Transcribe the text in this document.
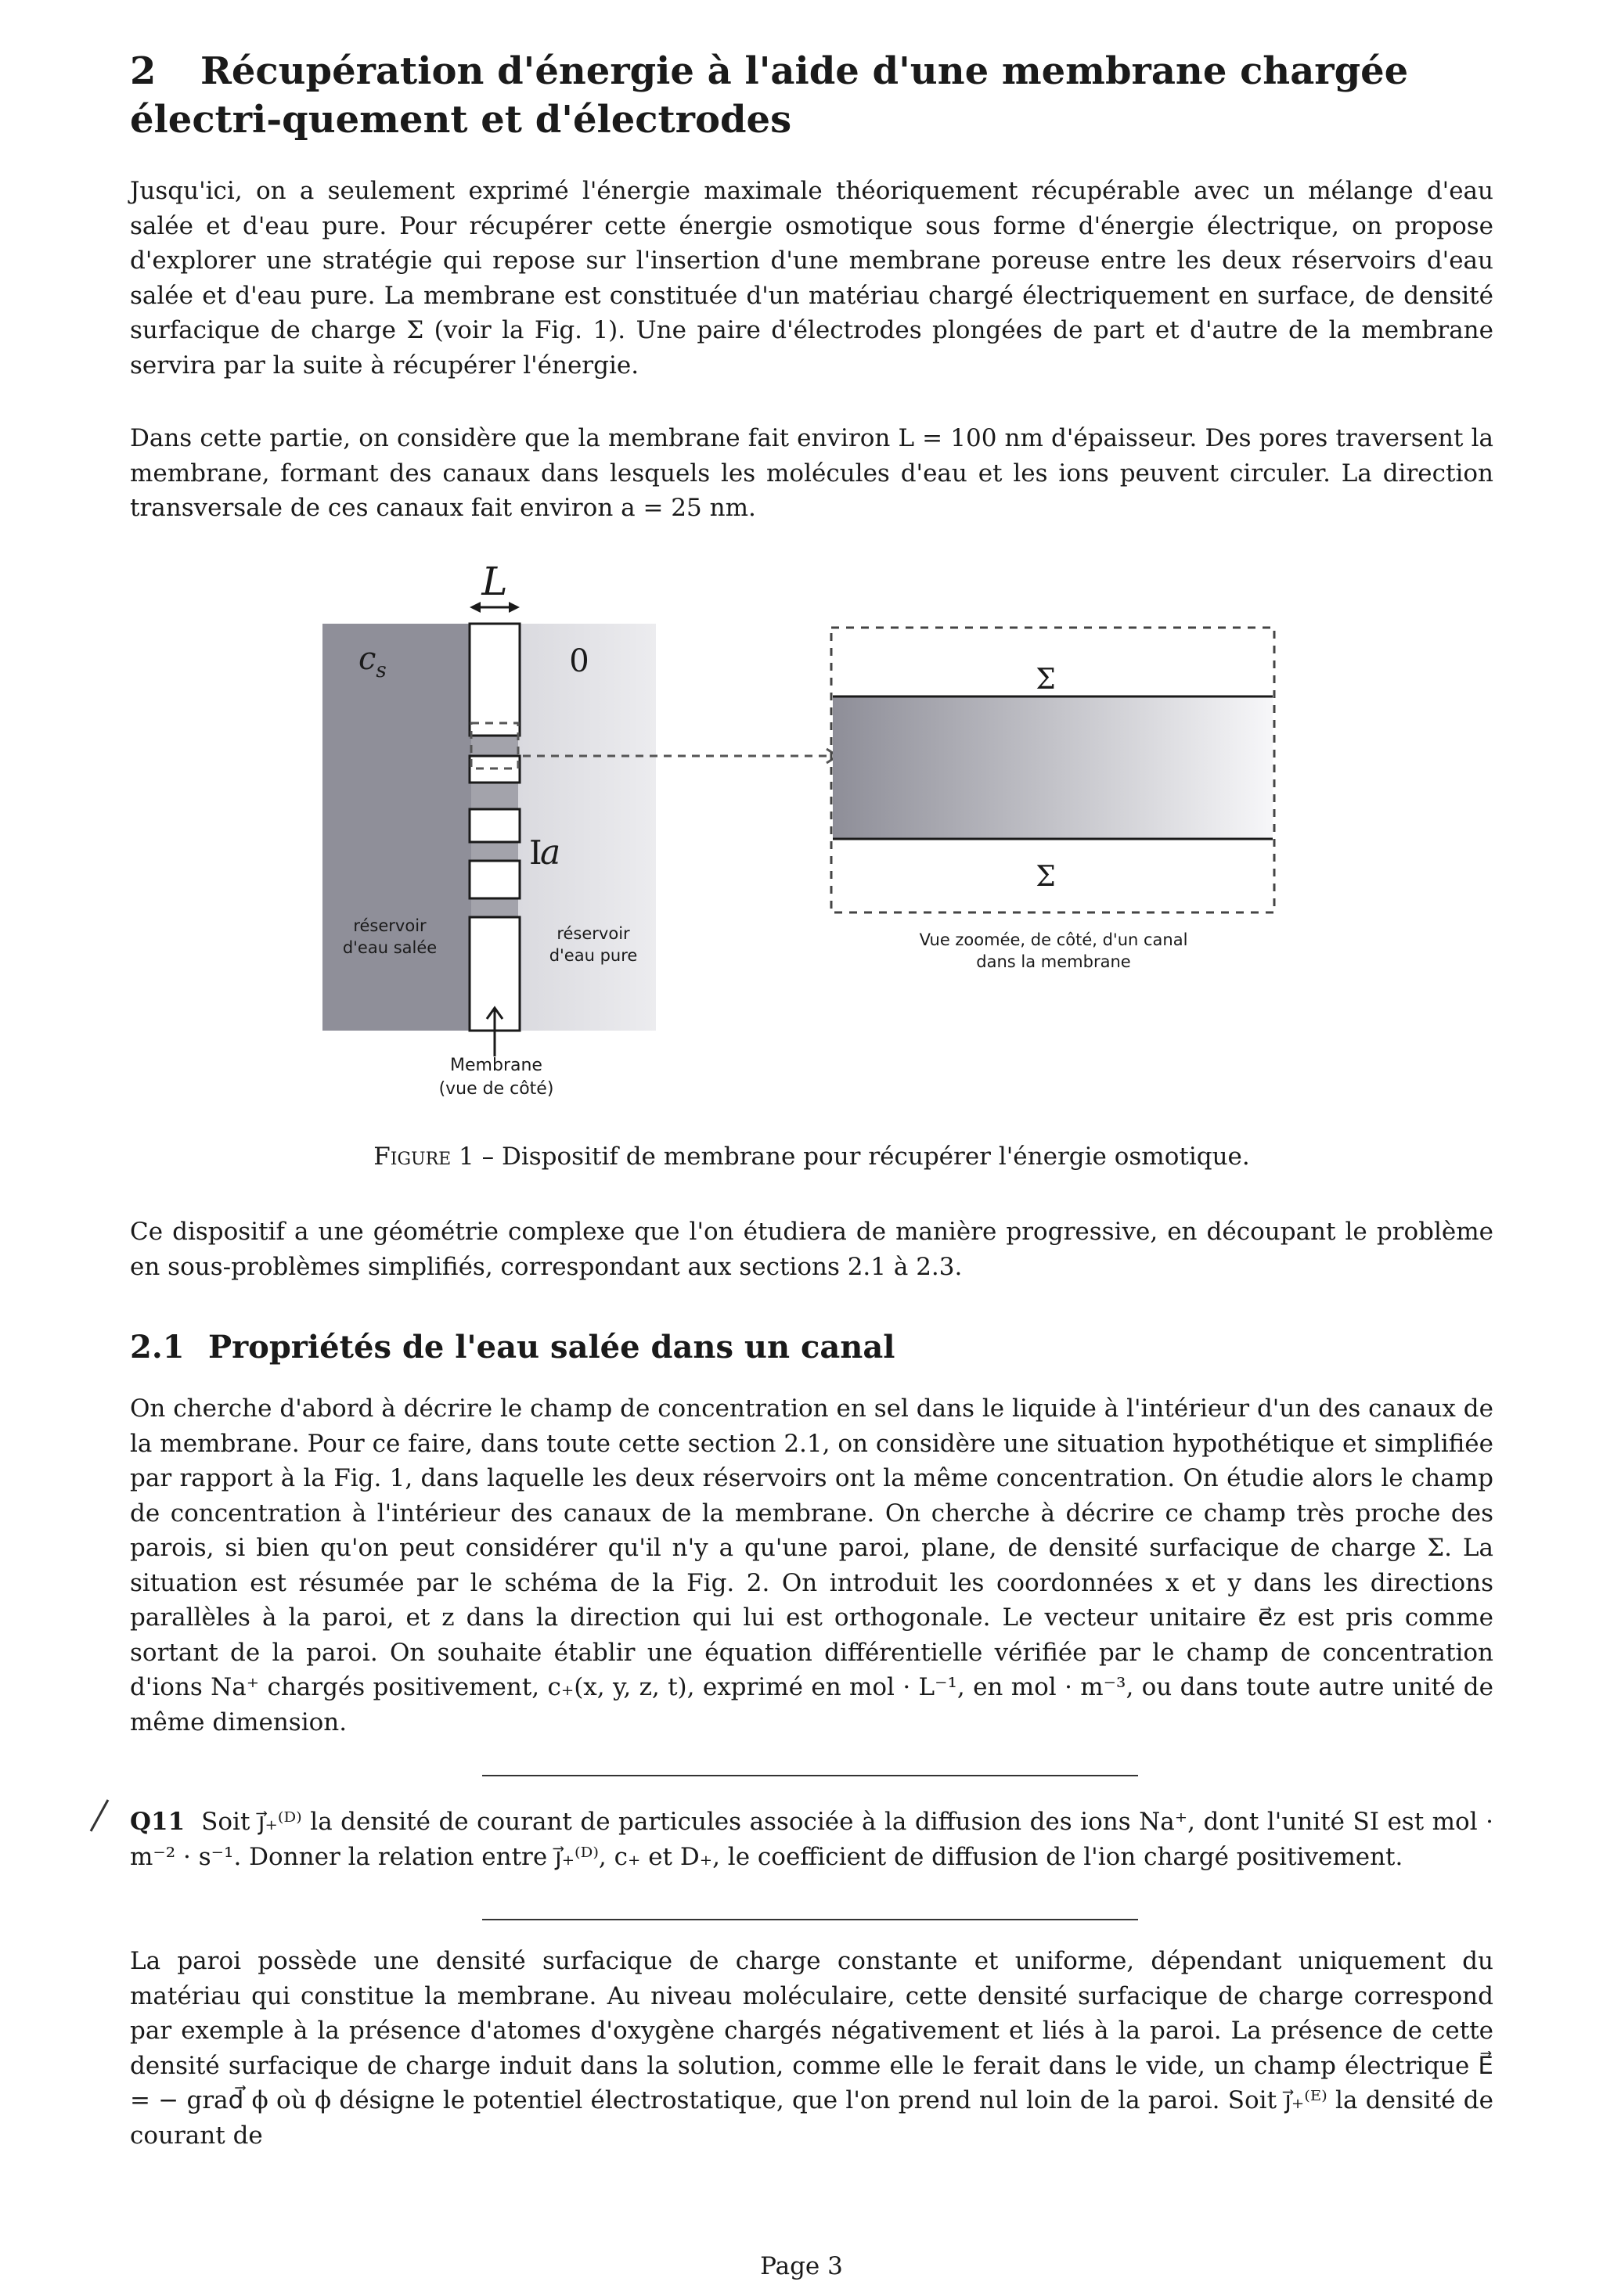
2 Récupération d'énergie à l'aide d'une membrane chargée électri-quement et d'électrodes

Jusqu'ici, on a seulement exprimé l'énergie maximale théoriquement récupérable avec un mélange d'eau salée et d'eau pure. Pour récupérer cette énergie osmotique sous forme d'énergie électrique, on propose d'explorer une stratégie qui repose sur l'insertion d'une membrane poreuse entre les deux réservoirs d'eau salée et d'eau pure. La membrane est constituée d'un matériau chargé électriquement en surface, de densité surfacique de charge Σ (voir la Fig. 1). Une paire d'électrodes plongées de part et d'autre de la membrane servira par la suite à récupérer l'énergie.

Dans cette partie, on considère que la membrane fait environ L = 100 nm d'épaisseur. Des pores traversent la membrane, formant des canaux dans lesquels les molécules d'eau et les ions peuvent circuler. La direction transversale de ces canaux fait environ a = 25 nm.

L
$c_s$	0
I
a
réservoir
d'eau salée
réservoir
d'eau pure
Membrane
(vue de côté)
Σ
Σ
Vue zoomée, de côté, d'un canal
dans la membrane

Figure 1 – Dispositif de membrane pour récupérer l'énergie osmotique.

Ce dispositif a une géométrie complexe que l'on étudiera de manière progressive, en découpant le problème en sous-problèmes simplifiés, correspondant aux sections 2.1 à 2.3.

2.1 Propriétés de l'eau salée dans un canal

On cherche d'abord à décrire le champ de concentration en sel dans le liquide à l'intérieur d'un des canaux de la membrane. Pour ce faire, dans toute cette section 2.1, on considère une situation hypothétique et simplifiée par rapport à la Fig. 1, dans laquelle les deux réservoirs ont la même concentration. On étudie alors le champ de concentration à l'intérieur des canaux de la membrane. On cherche à décrire ce champ très proche des parois, si bien qu'on peut considérer qu'il n'y a qu'une paroi, plane, de densité surfacique de charge Σ. La situation est résumée par le schéma de la Fig. 2. On introduit les coordonnées x et y dans les directions parallèles à la paroi, et z dans la direction qui lui est orthogonale. Le vecteur unitaire e⃗z est pris comme sortant de la paroi. On souhaite établir une équation différentielle vérifiée par le champ de concentration d'ions Na⁺ chargés positivement, c₊(x, y, z, t), exprimé en mol · L⁻¹, en mol · m⁻³, ou dans toute autre unité de même dimension.

Q11 Soit j⃗₊⁽ᴰ⁾ la densité de courant de particules associée à la diffusion des ions Na⁺, dont l'unité SI est mol · m⁻² · s⁻¹. Donner la relation entre j⃗₊⁽ᴰ⁾, c₊ et D₊, le coefficient de diffusion de l'ion chargé positivement.

La paroi possède une densité surfacique de charge constante et uniforme, dépendant uniquement du matériau qui constitue la membrane. Au niveau moléculaire, cette densité surfacique de charge correspond par exemple à la présence d'atomes d'oxygène chargés négativement et liés à la paroi. La présence de cette densité surfacique de charge induit dans la solution, comme elle le ferait dans le vide, un champ électrique E⃗ = − grad⃗ ϕ où ϕ désigne le potentiel électrostatique, que l'on prend nul loin de la paroi. Soit j⃗₊⁽ᴱ⁾ la densité de courant de

Page 3
